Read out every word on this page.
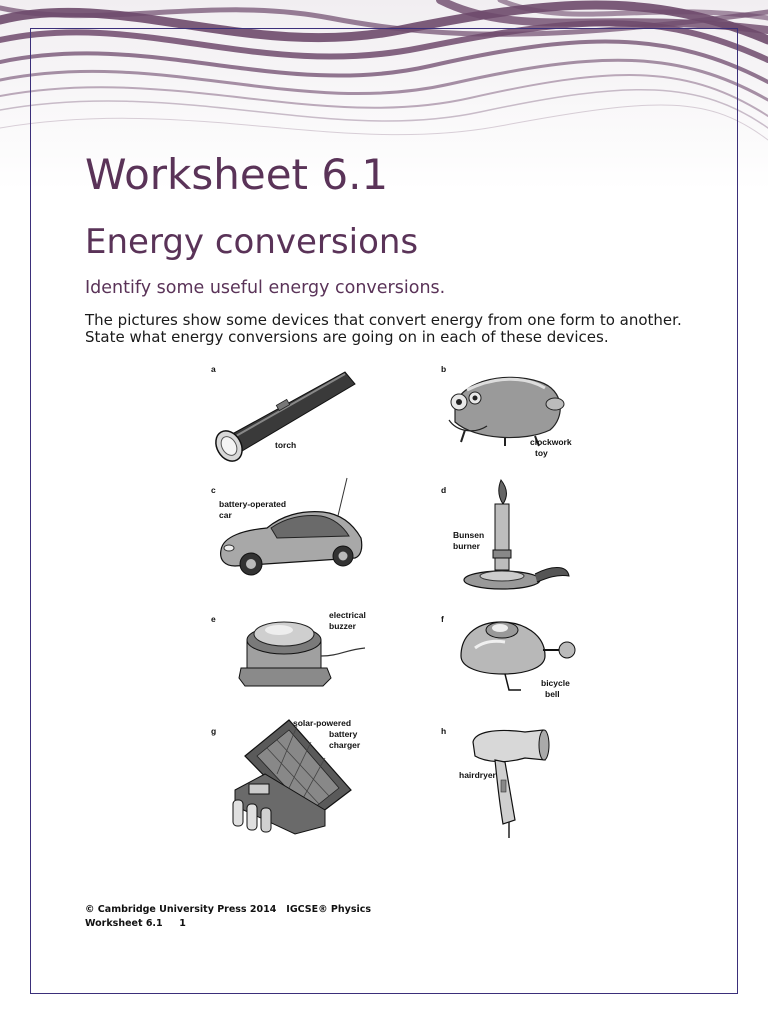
Worksheet 6.1
Energy conversions

Identify some useful energy conversions.

The pictures show some devices that convert energy from one form to another. State what energy conversions are going on in each of these devices.

a
torch
b
clockwork
toy
c
battery-operated
car
d
Bunsen
burner
e	electrical
buzzer
f
bicycle
bell
g
solar-powered
battery
charger
h
hairdryer
© Cambridge University Press 2014 IGCSE® Physics
Worksheet 6.1 1
